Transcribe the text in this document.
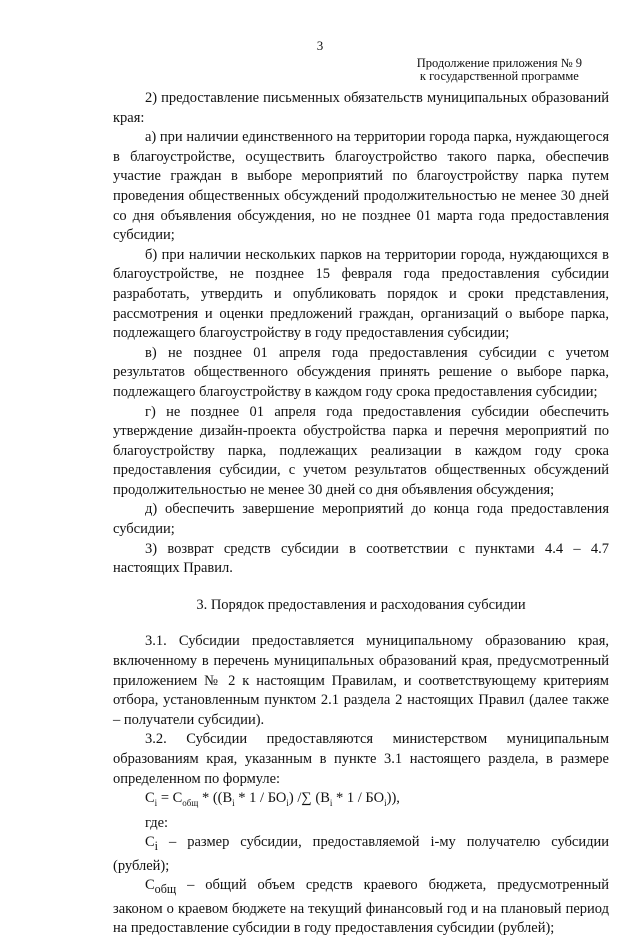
3
Продолжение приложения № 9
к государственной программе

2) предоставление письменных обязательств муниципальных образований края:

а) при наличии единственного на территории города парка, нуждающегося в благоустройстве, осуществить благоустройство такого парка, обеспечив участие граждан в выборе мероприятий по благоустройству парка путем проведения общественных обсуждений продолжительностью не менее 30 дней со дня объявления обсуждения, но не позднее 01 марта года предоставления субсидии;

б) при наличии нескольких парков на территории города, нуждающихся в благоустройстве, не позднее 15 февраля года предоставления субсидии разработать, утвердить и опубликовать порядок и сроки представления, рассмотрения и оценки предложений граждан, организаций о выборе парка, подлежащего благоустройству в году предоставления субсидии;

в) не позднее 01 апреля года предоставления субсидии с учетом результатов общественного обсуждения принять решение о выборе парка, подлежащего благоустройству в каждом году срока предоставления субсидии;

г) не позднее 01 апреля года предоставления субсидии обеспечить утверждение дизайн-проекта обустройства парка и перечня мероприятий по благоустройству парка, подлежащих реализации в каждом году срока предоставления субсидии, с учетом результатов общественных обсуждений продолжительностью не менее 30 дней со дня объявления обсуждения;

д) обеспечить завершение мероприятий до конца года предоставления субсидии;

3) возврат средств субсидии в соответствии с пунктами 4.4 – 4.7 настоящих Правил.

3. Порядок предоставления и расходования субсидии

3.1. Субсидии предоставляется муниципальному образованию края, включенному в перечень муниципальных образований края, предусмотренный приложением № 2 к настоящим Правилам, и соответствующему критериям отбора, установленным пунктом 2.1 раздела 2 настоящих Правил (далее также – получатели субсидии).

3.2. Субсидии предоставляются министерством муниципальным образованиям края, указанным в пункте 3.1 настоящего раздела, в размере определенном по формуле:

$C_i = C_{общ} * ((B_i * 1 / БО_i)$ /∑ $(B_i * 1 / БО_i)$),

где:

$C_i$ – размер субсидии, предоставляемой i-му получателю субсидии (рублей);

$C_{общ}$ – общий объем средств краевого бюджета, предусмотренный законом о краевом бюджете на текущий финансовый год и на плановый период на предоставление субсидии в году предоставления субсидии (рублей);
